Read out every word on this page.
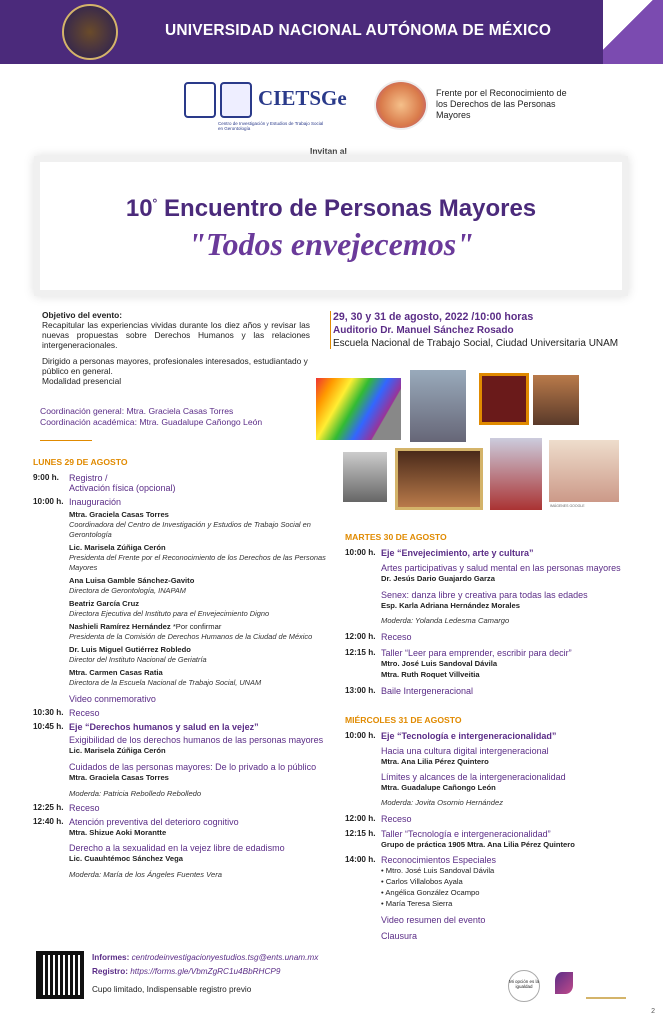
UNIVERSIDAD NACIONAL AUTÓNOMA DE MÉXICO
CIETSGe
Centro de Investigación y Estudios de Trabajo Social en Gerontología
Frente por el Reconocimiento de los Derechos de las Personas Mayores
Invitan al
10° Encuentro de Personas Mayores
"Todos envejecemos"
Objetivo del evento:
Recapitular las experiencias vividas durante los diez años y revisar las nuevas propuestas sobre Derechos Humanos y las relaciones intergeneracionales.

Dirigido a personas mayores, profesionales interesados, estudiantado y público en general.

Modalidad presencial
Coordinación general: Mtra. Graciela Casas Torres
Coordinación académica: Mtra. Guadalupe Cañongo León
29, 30 y 31 de agosto, 2022 /10:00 horas
Auditorio Dr. Manuel Sánchez Rosado
Escuela Nacional de Trabajo Social, Ciudad Universitaria UNAM
IMÁGENES GOOGLE
LUNES 29 DE AGOSTO
9:00 h.	Registro /
Activación física (opcional)
10:00 h. Inauguración
Mtra. Graciela Casas Torres
Coordinadora del Centro de Investigación y Estudios de Trabajo Social en Gerontología
Lic. Marisela Zúñiga Cerón
Presidenta del Frente por el Reconocimiento de los Derechos de las Personas Mayores
Ana Luisa Gamble Sánchez-Gavito
Directora de Gerontología, INAPAM
Beatriz García Cruz
Directora Ejecutiva del Instituto para el Envejecimiento Digno
Nashieli Ramírez Hernández *Por confirmar
Presidenta de la Comisión de Derechos Humanos de la Ciudad de México
Dr. Luis Miguel Gutiérrez Robledo
Director del Instituto Nacional de Geriatría
Mtra. Carmen Casas Ratia
Directora de la Escuela Nacional de Trabajo Social, UNAM
Video conmemorativo
10:30 h. Receso
10:45 h. Eje “Derechos humanos y salud en la vejez”
Exigibilidad de los derechos humanos de las personas mayores
Lic. Marisela Zúñiga Cerón
Cuidados de las personas mayores: De lo privado a lo público
Mtra. Graciela Casas Torres
Moderda: Patricia Rebolledo Rebolledo
12:25 h. Receso
12:40 h. Atención preventiva del deterioro cognitivo
Mtra. Shizue Aoki Morantte
Derecho a la sexualidad en la vejez libre de edadismo
Lic. Cuauhtémoc Sánchez Vega
Moderda: María de los Ángeles Fuentes Vera
MARTES 30 DE AGOSTO
10:00 h. Eje “Envejecimiento, arte y cultura”
Artes participativas y salud mental en las personas mayores
Dr. Jesús Dario Guajardo Garza
Senex: danza libre y creativa para todas las edades
Esp. Karla Adriana Hernández Morales
Moderda: Yolanda Ledesma Camargo
12:00 h. Receso
12:15 h. Taller “Leer para emprender, escribir para decir”
Mtro. José Luis Sandoval Dávila
Mtra. Ruth Roquet Villveitia
13:00 h. Baile Intergeneracional
MIÉRCOLES 31 DE AGOSTO
10:00 h. Eje “Tecnología e intergeneracionalidad”
Hacia una cultura digital intergeneracional
Mtra. Ana Lilia Pérez Quintero
Límites y alcances de la intergeneracionalidad
Mtra. Guadalupe Cañongo León
Moderda: Jovita Osornio Hernández
12:00 h. Receso
12:15 h. Taller “Tecnología e intergeneracionalidad”
Grupo de práctica 1905 Mtra. Ana Lilia Pérez Quintero
14:00 h. Reconocimientos Especiales
• Mtro. José Luis Sandoval Dávila
• Carlos Villalobos Ayala
• Angélica González Ocampo
• María Teresa Sierra
Video resumen del evento
Clausura
Informes: centrodeinvestigacionyestudios.tsg@ents.unam.mx
Registro: https://forms.gle/VbmZgRC1u4BbRHCP9
Cupo limitado, Indispensable registro previo
Mi opción es la igualdad
2
